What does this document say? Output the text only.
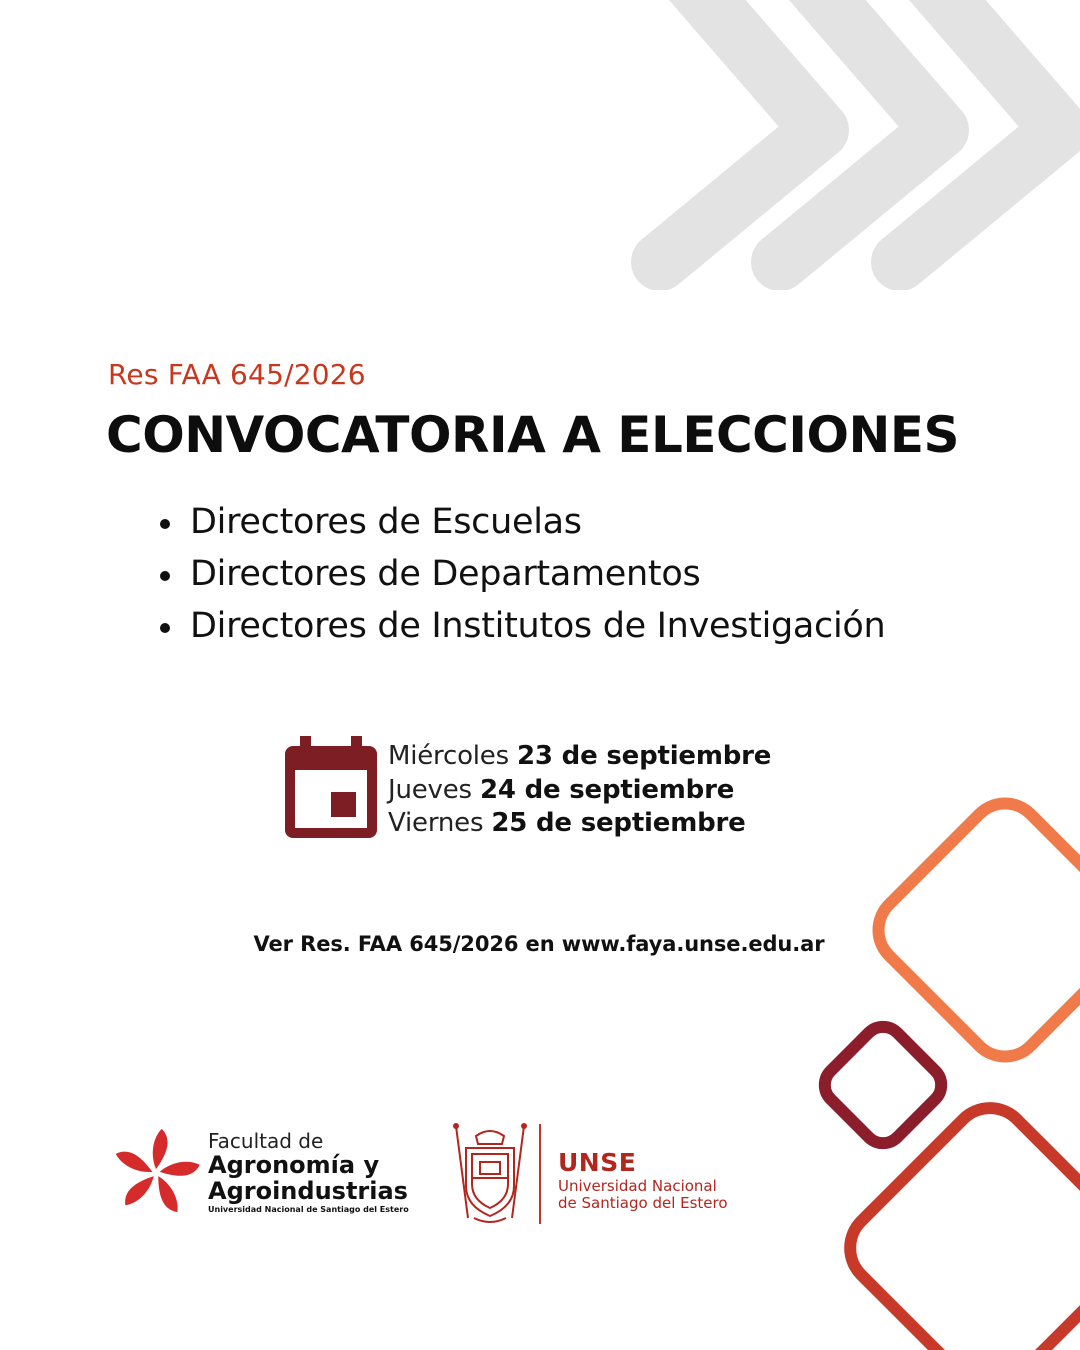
Res FAA 645/2026
CONVOCATORIA A ELECCIONES
Directores de Escuelas
Directores de Departamentos
Directores de Institutos de Investigación
Miércoles 23 de septiembre
Jueves 24 de septiembre
Viernes 25 de septiembre
Ver Res. FAA 645/2026 en www.faya.unse.edu.ar
Facultad de
Agronomía y
Agroindustrias
Universidad Nacional de Santiago del Estero
UNSE
Universidad Nacional
de Santiago del Estero
